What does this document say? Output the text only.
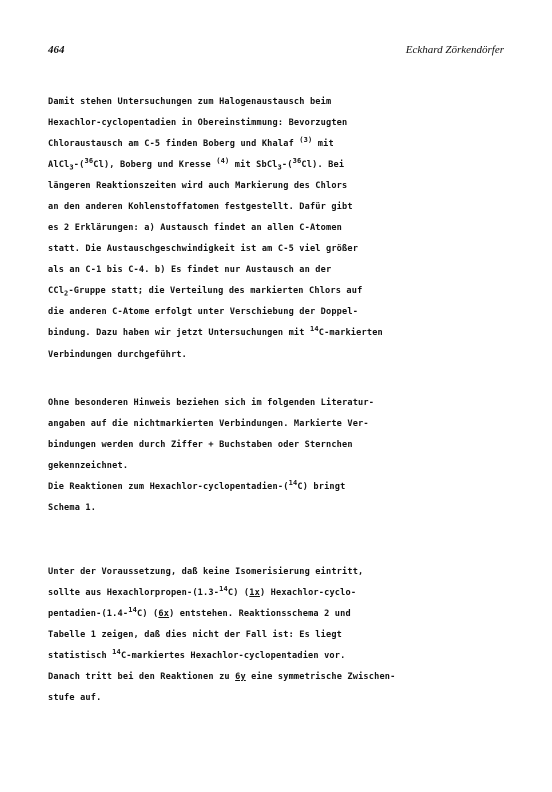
464	Eckhard Zörkendörfer
Damit stehen Untersuchungen zum Halogenaustausch beim
Hexachlor-cyclopentadien in Obereinstimmung: Bevorzugten
Chloraustausch am C-5 finden Boberg und Khalaf $^{(3)}$ mit
AlCl$_3$-($^{36}$Cl), Boberg und Kresse $^{(4)}$ mit SbCl$_3$-($^{36}$Cl). Bei
längeren Reaktionszeiten wird auch Markierung des Chlors
an den anderen Kohlenstoffatomen festgestellt. Dafür gibt
es 2 Erklärungen: a) Austausch findet an allen C-Atomen
statt. Die Austauschgeschwindigkeit ist am C-5 viel größer
als an C-1 bis C-4. b) Es findet nur Austausch an der
CCl$_2$-Gruppe statt; die Verteilung des markierten Chlors auf
die anderen C-Atome erfolgt unter Verschiebung der Doppel-
bindung. Dazu haben wir jetzt Untersuchungen mit $^{14}$C-markierten
Verbindungen durchgeführt.
Ohne besonderen Hinweis beziehen sich im folgenden Literatur-
angaben auf die nichtmarkierten Verbindungen. Markierte Ver-
bindungen werden durch Ziffer + Buchstaben oder Sternchen
gekennzeichnet.
Die Reaktionen zum Hexachlor-cyclopentadien-($^{14}$C) bringt
Schema 1.
Unter der Voraussetzung, daß keine Isomerisierung eintritt,
sollte aus Hexachlorpropen-(1.3-$^{14}$C) (1x) Hexachlor-cyclo-
pentadien-(1.4-$^{14}$C) (6x) entstehen. Reaktionsschema 2 und
Tabelle 1 zeigen, daß dies nicht der Fall ist: Es liegt
statistisch $^{14}$C-markiertes Hexachlor-cyclopentadien vor.
Danach tritt bei den Reaktionen zu 6y eine symmetrische Zwischen-
stufe auf.
